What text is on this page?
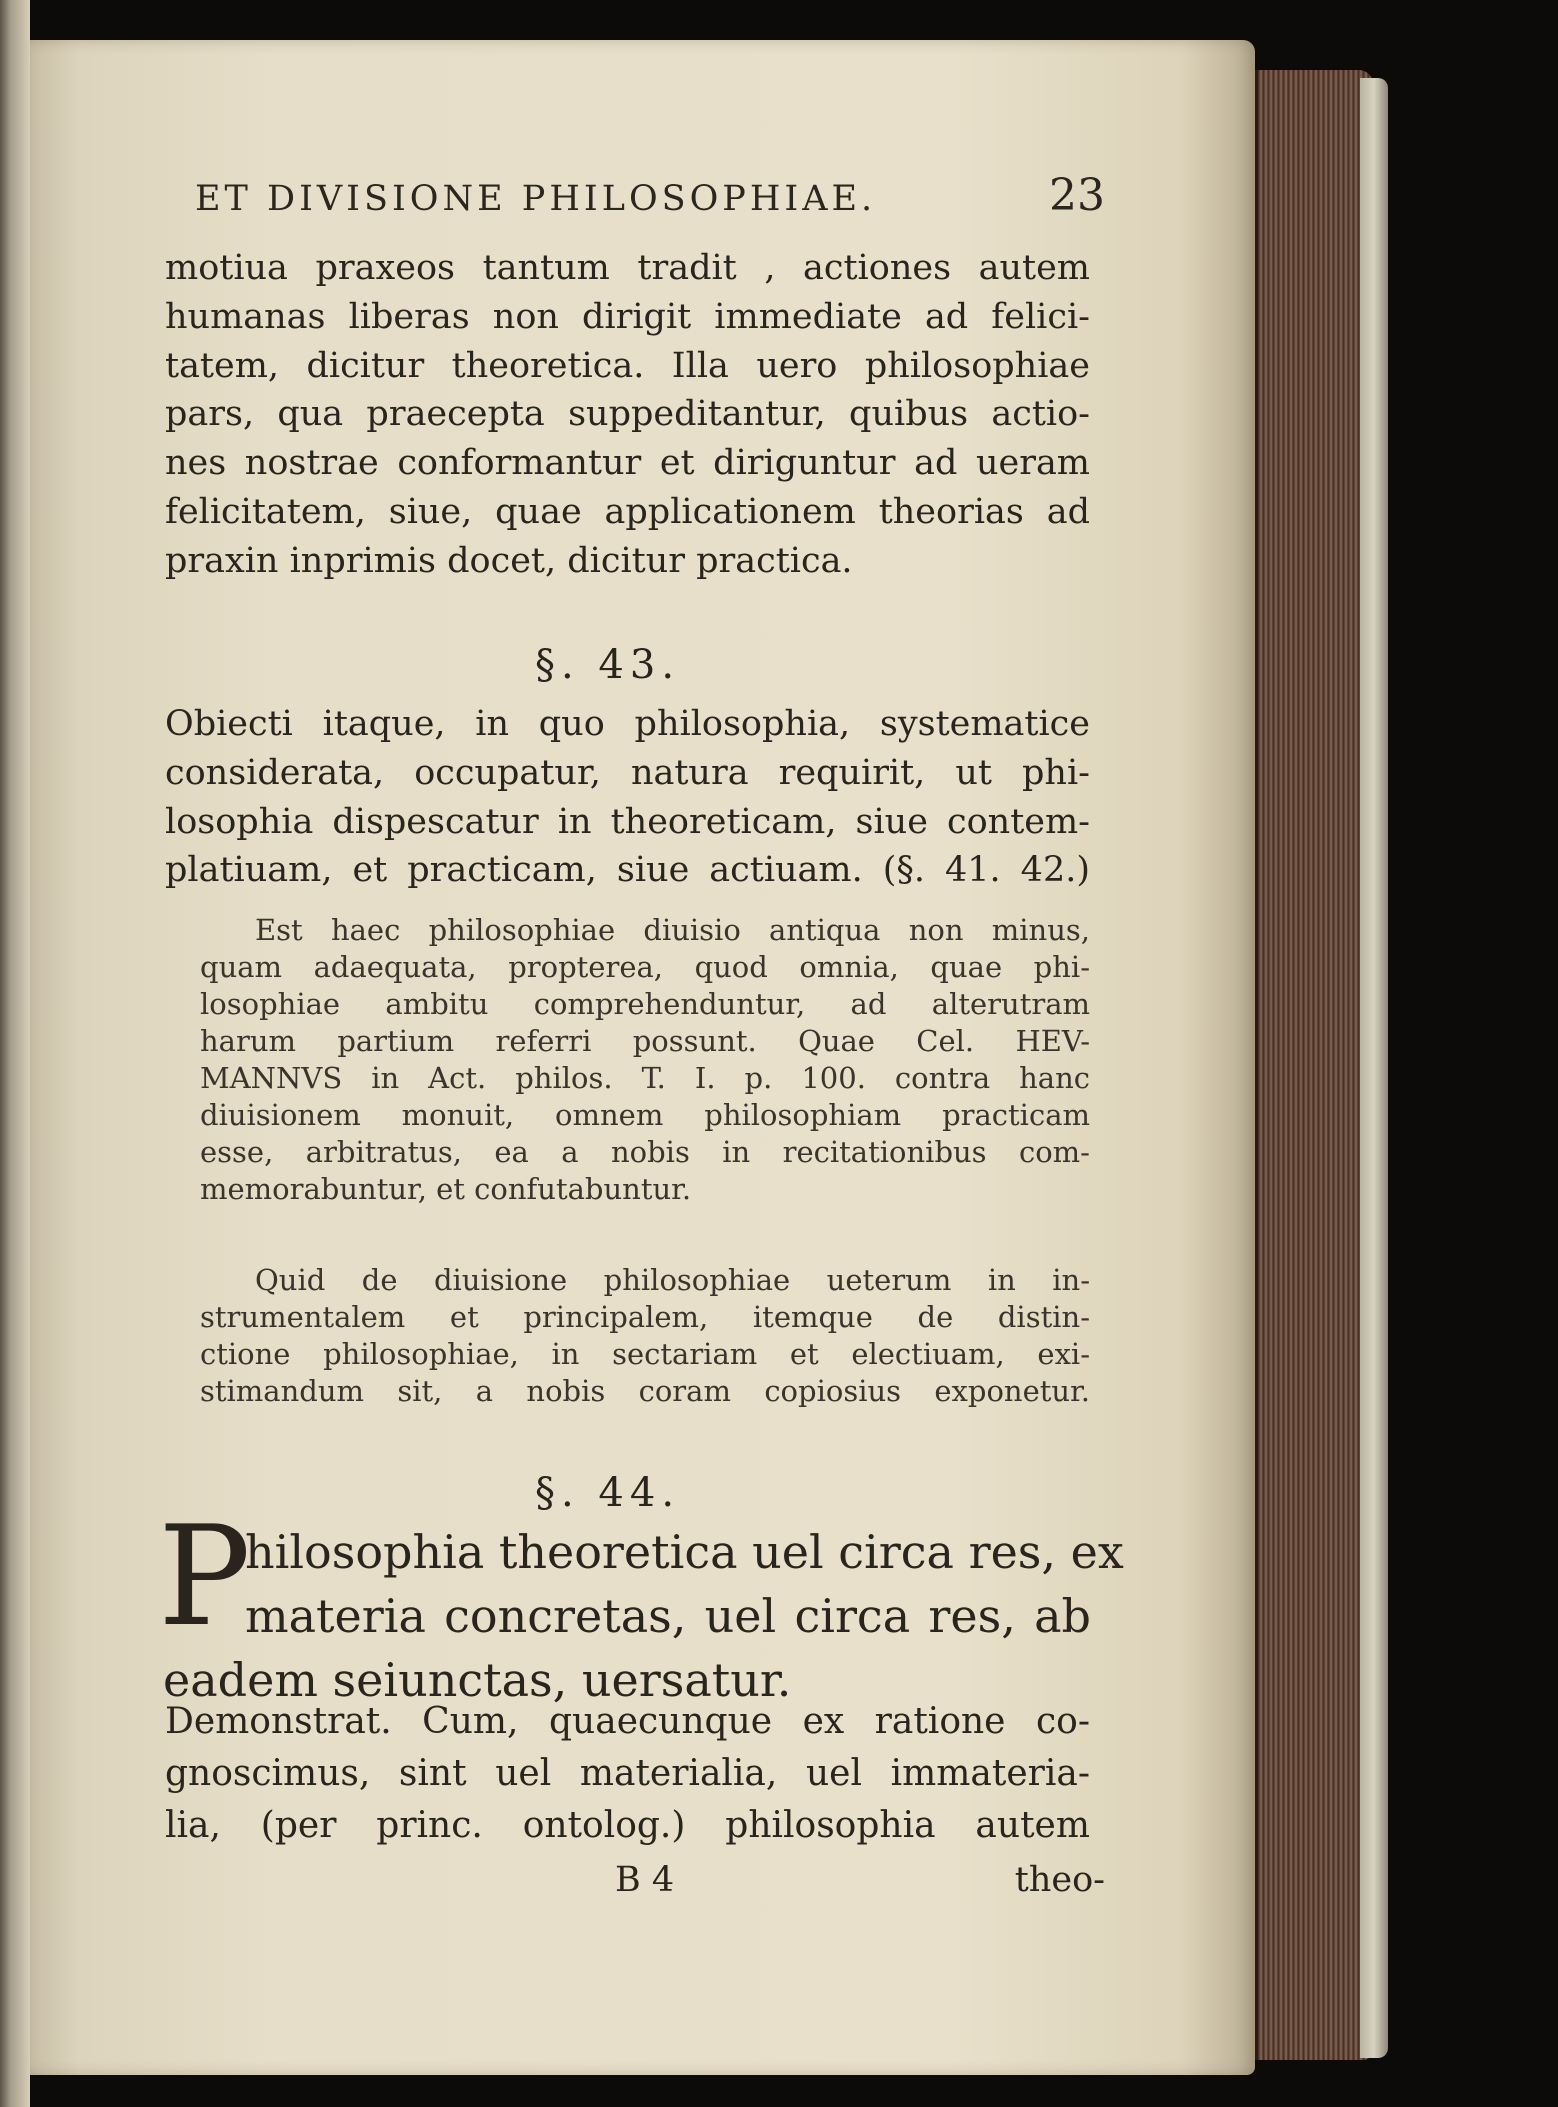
ET DIVISIONE PHILOSOPHIAE.	23
motiua praxeos tantum tradit , actiones autem
humanas liberas non dirigit immediate ad felici-
tatem, dicitur theoretica. Illa uero philosophiae
pars, qua praecepta suppeditantur, quibus actio-
nes nostrae conformantur et diriguntur ad ueram
felicitatem, siue, quae applicationem theorias ad
praxin inprimis docet, dicitur practica.
§. 43.
Obiecti itaque, in quo philosophia, systematice
considerata, occupatur, natura requirit, ut phi-
losophia dispescatur in theoreticam, siue contem-
platiuam, et practicam, siue actiuam. (§. 41. 42.)
Est haec philosophiae diuisio antiqua non minus,
quam adaequata, propterea, quod omnia, quae phi-
losophiae ambitu comprehenduntur, ad alterutram
harum partium referri possunt. Quae Cel. HEV-
MANNVS in Act. philos. T. I. p. 100. contra hanc
diuisionem monuit, omnem philosophiam practicam
esse, arbitratus, ea a nobis in recitationibus com-
memorabuntur, et confutabuntur.
Quid de diuisione philosophiae ueterum in in-
strumentalem et principalem, itemque de distin-
ctione philosophiae, in sectariam et electiuam, exi-
stimandum sit, a nobis coram copiosius exponetur.
§. 44.
P
hilosophia theoretica uel circa res, ex
materia concretas, uel circa res, ab
eadem seiunctas, uersatur.
Demonstrat. Cum, quaecunque ex ratione co-
gnoscimus, sint uel materialia, uel immateria-
lia, (per princ. ontolog.) philosophia autem
B 4	theo-
